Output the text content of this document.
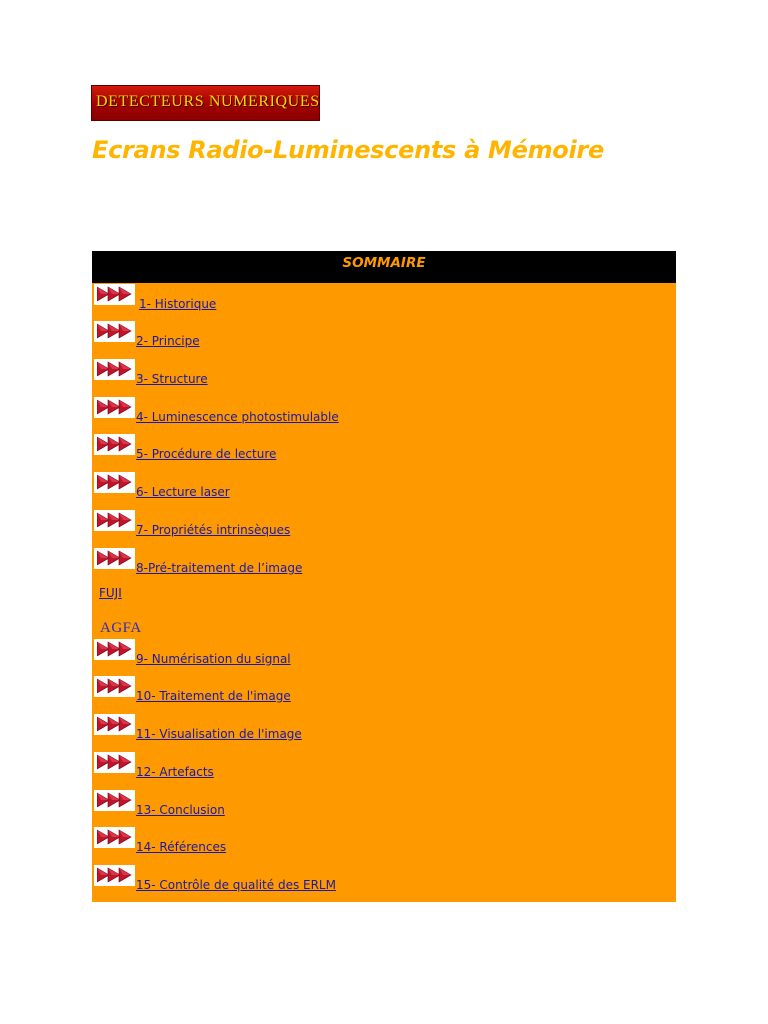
DETECTEURS NUMERIQUES
Ecrans Radio-Luminescents à Mémoire
SOMMAIRE
1- Historique
2- Principe
3- Structure
4- Luminescence photostimulable
5- Procédure de lecture
6- Lecture laser
7- Propriétés intrinsèques
8-Pré-traitement de l’image
FUJI
AGFA
9- Numérisation du signal
10- Traitement de l'image
11- Visualisation de l'image
12- Artefacts
13- Conclusion
14- Références
15- Contrôle de qualité des ERLM
